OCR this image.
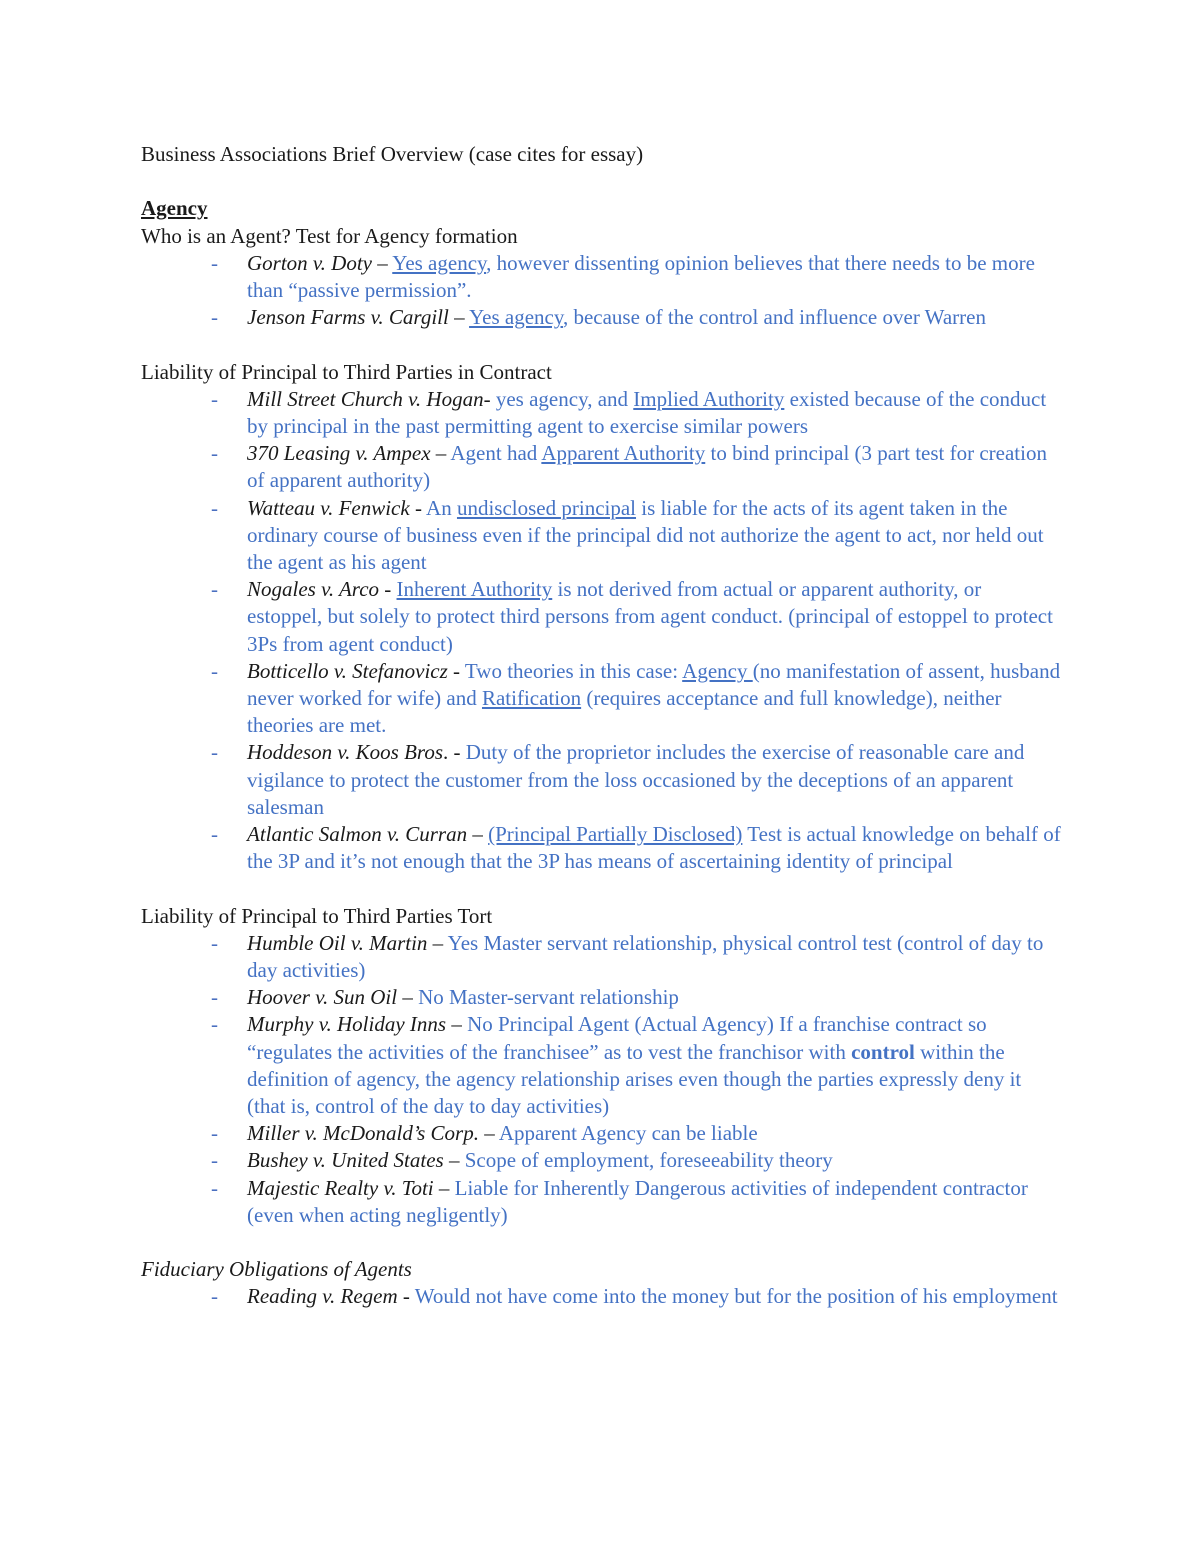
Business Associations Brief Overview (case cites for essay)

Agency

Who is an Agent? Test for Agency formation

- Gorton v. Doty – Yes agency, however dissenting opinion believes that there needs to be more than “passive permission”.
- Jenson Farms v. Cargill – Yes agency, because of the control and influence over Warren

Liability of Principal to Third Parties in Contract

- Mill Street Church v. Hogan- yes agency, and Implied Authority existed because of the conduct by principal in the past permitting agent to exercise similar powers
- 370 Leasing v. Ampex – Agent had Apparent Authority to bind principal (3 part test for creation of apparent authority)
- Watteau v. Fenwick - An undisclosed principal is liable for the acts of its agent taken in the ordinary course of business even if the principal did not authorize the agent to act, nor held out the agent as his agent
- Nogales v. Arco - Inherent Authority is not derived from actual or apparent authority, or estoppel, but solely to protect third persons from agent conduct. (principal of estoppel to protect 3Ps from agent conduct)
- Botticello v. Stefanovicz - Two theories in this case: Agency (no manifestation of assent, husband never worked for wife) and Ratification (requires acceptance and full knowledge), neither theories are met.
- Hoddeson v. Koos Bros. - Duty of the proprietor includes the exercise of reasonable care and vigilance to protect the customer from the loss occasioned by the deceptions of an apparent salesman
- Atlantic Salmon v. Curran – (Principal Partially Disclosed) Test is actual knowledge on behalf of the 3P and it’s not enough that the 3P has means of ascertaining identity of principal

Liability of Principal to Third Parties Tort

- Humble Oil v. Martin – Yes Master servant relationship, physical control test (control of day to day activities)
- Hoover v. Sun Oil – No Master-servant relationship
- Murphy v. Holiday Inns – No Principal Agent (Actual Agency) If a franchise contract so “regulates the activities of the franchisee” as to vest the franchisor with control within the definition of agency, the agency relationship arises even though the parties expressly deny it (that is, control of the day to day activities)
- Miller v. McDonald’s Corp. – Apparent Agency can be liable
- Bushey v. United States – Scope of employment, foreseeability theory
- Majestic Realty v. Toti – Liable for Inherently Dangerous activities of independent contractor (even when acting negligently)

Fiduciary Obligations of Agents

- Reading v. Regem - Would not have come into the money but for the position of his employment
